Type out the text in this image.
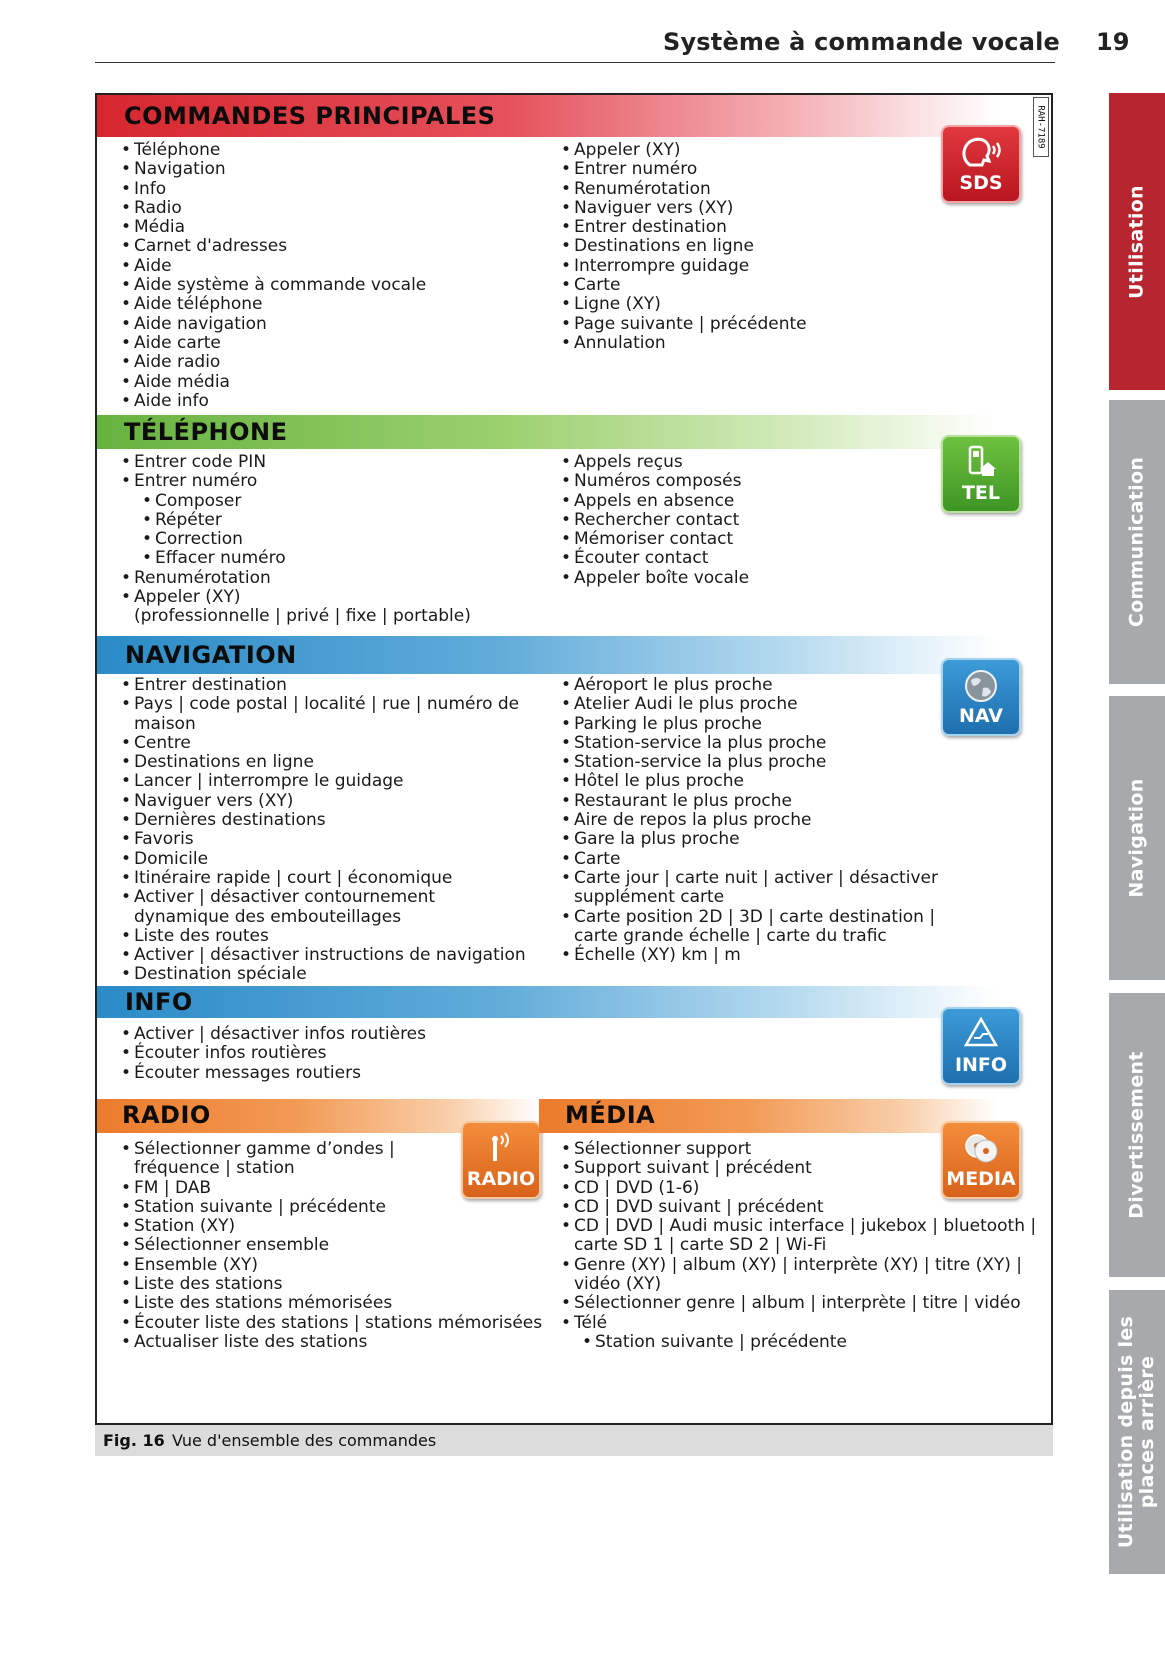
Système à commande vocale 19
RAH-7189
COMMANDES PRINCIPALES
• Téléphone
• Navigation
• Info
• Radio
• Média
• Carnet d'adresses
• Aide
• Aide système à commande vocale
• Aide téléphone
• Aide navigation
• Aide carte
• Aide radio
• Aide média
• Aide info
• Appeler (XY)
• Entrer numéro
• Renumérotation
• Naviguer vers (XY)
• Entrer destination
• Destinations en ligne
• Interrompre guidage
• Carte
• Ligne (XY)
• Page suivante | précédente
• Annulation
SDS
TÉLÉPHONE
• Entrer code PIN
• Entrer numéro
• Composer
• Répéter
• Correction
• Effacer numéro
• Renumérotation
• Appeler (XY)
(professionnelle | privé | fixe | portable)
• Appels reçus
• Numéros composés
• Appels en absence
• Rechercher contact
• Mémoriser contact
• Écouter contact
• Appeler boîte vocale
TEL
NAVIGATION
• Entrer destination
• Pays | code postal | localité | rue | numéro de
maison
• Centre
• Destinations en ligne
• Lancer | interrompre le guidage
• Naviguer vers (XY)
• Dernières destinations
• Favoris
• Domicile
• Itinéraire rapide | court | économique
• Activer | désactiver contournement
dynamique des embouteillages
• Liste des routes
• Activer | désactiver instructions de navigation
• Destination spéciale
• Aéroport le plus proche
• Atelier Audi le plus proche
• Parking le plus proche
• Station-service la plus proche
• Station-service la plus proche
• Hôtel le plus proche
• Restaurant le plus proche
• Aire de repos la plus proche
• Gare la plus proche
• Carte
• Carte jour | carte nuit | activer | désactiver
supplément carte
• Carte position 2D | 3D | carte destination |
carte grande échelle | carte du trafic
• Échelle (XY) km | m
NAV
INFO
• Activer | désactiver infos routières
• Écouter infos routières
• Écouter messages routiers	INFO
RADIO
• Sélectionner gamme d’ondes |
fréquence | station
• FM | DAB
• Station suivante | précédente
• Station (XY)
• Sélectionner ensemble
• Ensemble (XY)
• Liste des stations
• Liste des stations mémorisées
• Écouter liste des stations | stations mémorisées
• Actualiser liste des stations
RADIO
MÉDIA
• Sélectionner support
• Support suivant | précédent
• CD | DVD (1-6)
• CD | DVD suivant | précédent
• CD | DVD | Audi music interface | jukebox | bluetooth |
carte SD 1 | carte SD 2 | Wi-Fi
• Genre (XY) | album (XY) | interprète (XY) | titre (XY) |
vidéo (XY)
• Sélectionner genre | album | interprète | titre | vidéo
• Télé
• Station suivante | précédente
MEDIA
Fig. 16 Vue d'ensemble des commandes
Utilisation
Communication
Navigation
Divertissement
Utilisation depuis les places arrière
